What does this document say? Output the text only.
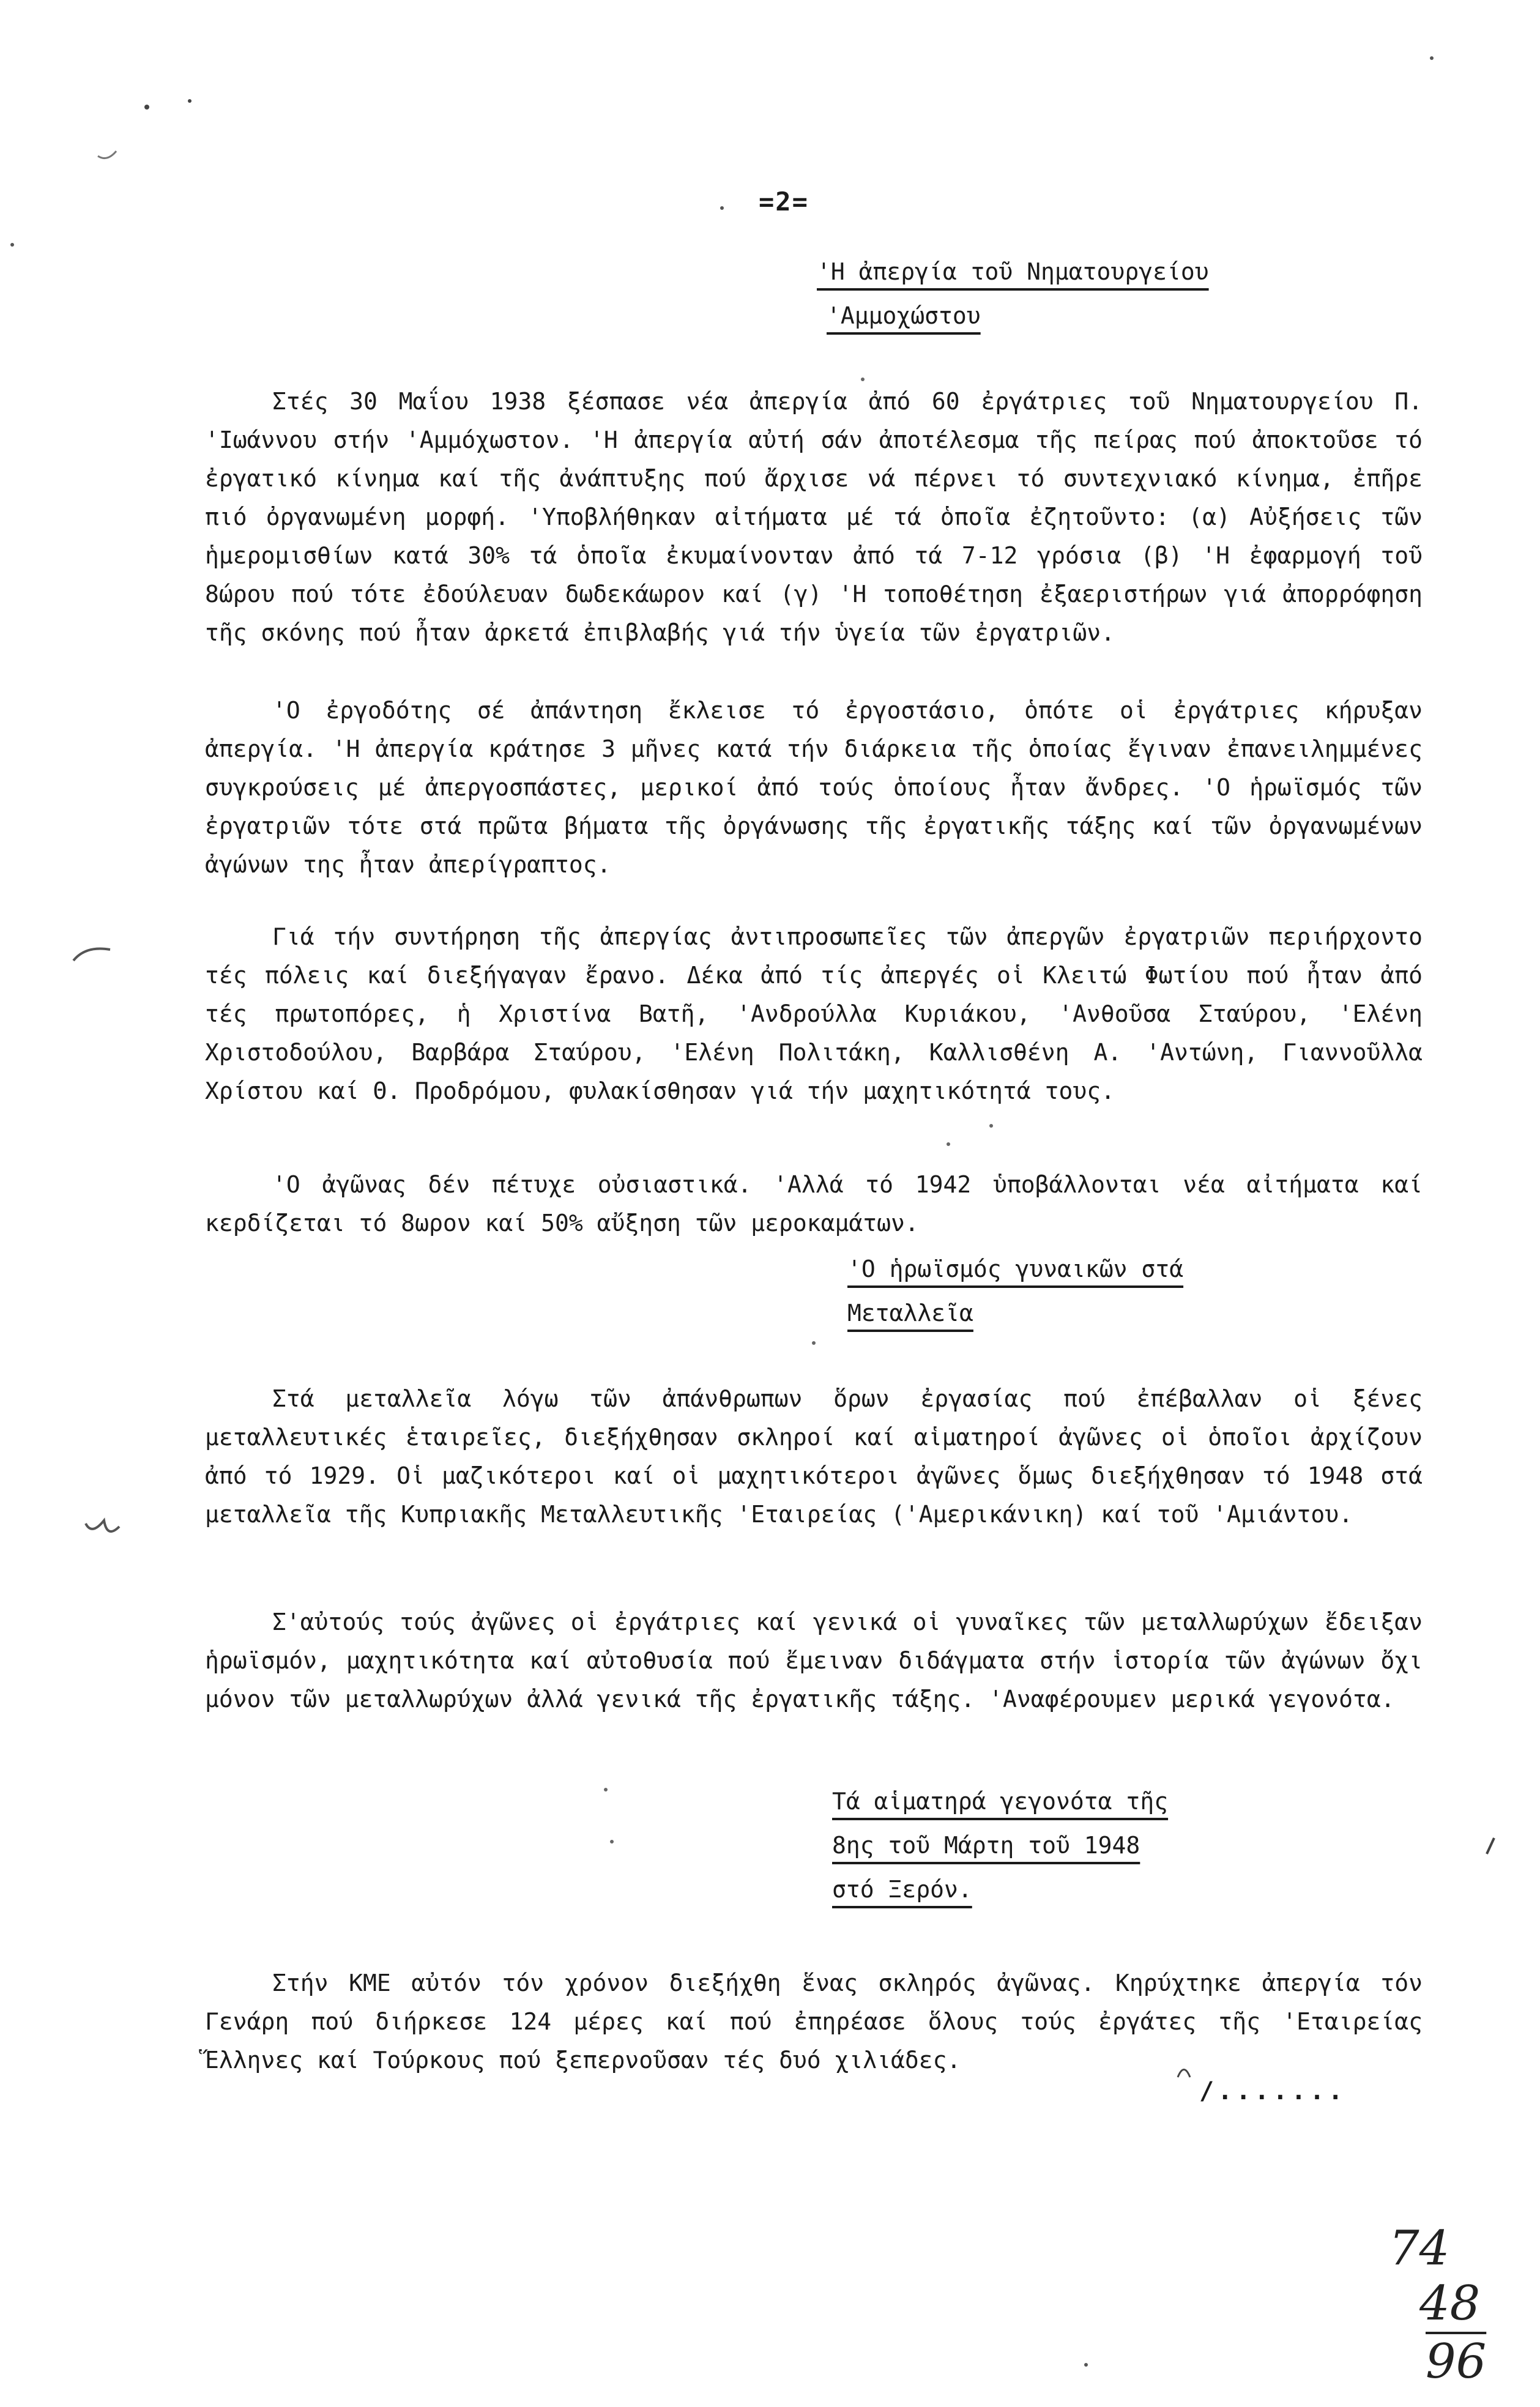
=2=
'Η ἀπεργία τοῦ Νηματουργείου
'Αμμοχώστου
Στές 30 Μαΐου 1938 ξέσπασε νέα ἀπεργία ἀπό 60 ἐργάτριες τοῦ Νηματουργείου Π. 'Ιωάννου στήν 'Αμμόχωστον. 'Η ἀπεργία αὐτή σάν ἀποτέλεσμα τῆς πείρας πού ἀποκτοῦσε τό ἐργατικό κίνημα καί τῆς ἀνάπτυξης πού ἄρχισε νά πέρνει τό συντεχνιακό κίνημα, ἐπῆρε πιό ὀργανωμένη μορφή. 'Υποβλήθηκαν αἰτήματα μέ τά ὁποῖα ἐζητοῦντο: (α) Αὐξήσεις τῶν ἡμερομισθίων κατά 30% τά ὁποῖα ἐκυμαίνονταν ἀπό τά 7-12 γρόσια (β) 'Η ἐφαρμογή τοῦ 8ώρου πού τότε ἐδούλευαν δωδεκάωρον καί (γ) 'Η τοποθέτηση ἐξαεριστήρων γιά ἀπορρόφηση τῆς σκόνης πού ἦταν ἀρκετά ἐπιβλαβής γιά τήν ὑγεία τῶν ἐργατριῶν.
'Ο ἐργοδότης σέ ἀπάντηση ἔκλεισε τό ἐργοστάσιο, ὁπότε οἱ ἐργάτριες κήρυξαν ἀπεργία. 'Η ἀπεργία κράτησε 3 μῆνες κατά τήν διάρκεια τῆς ὁποίας ἔγιναν ἐπανειλημμένες συγκρούσεις μέ ἀπεργοσπάστες, μερικοί ἀπό τούς ὁποίους ἦταν ἄνδρες. 'Ο ἡρωϊσμός τῶν ἐργατριῶν τότε στά πρῶτα βήματα τῆς ὀργάνωσης τῆς ἐργατικῆς τάξης καί τῶν ὀργανωμένων ἀγώνων της ἦταν ἀπερίγραπτος.
Γιά τήν συντήρηση τῆς ἀπεργίας ἀντιπροσωπεῖες τῶν ἀπεργῶν ἐργατριῶν περιήρχοντο τές πόλεις καί διεξήγαγαν ἔρανο. Δέκα ἀπό τίς ἀπεργές οἱ Κλειτώ Φωτίου πού ἦταν ἀπό τές πρωτοπόρες, ἡ Χριστίνα Βατῆ, 'Ανδρούλλα Κυριάκου, 'Ανθοῦσα Σταύρου, 'Ελένη Χριστοδούλου, Βαρβάρα Σταύρου, 'Ελένη Πολιτάκη, Καλλισθένη Α. 'Αντώνη, Γιαννοῦλλα Χρίστου καί Θ. Προδρόμου, φυλακίσθησαν γιά τήν μαχητικότητά τους.
'Ο ἀγῶνας δέν πέτυχε οὐσιαστικά. 'Αλλά τό 1942 ὑποβάλλονται νέα αἰτήματα καί κερδίζεται τό 8ωρον καί 50% αὔξηση τῶν μεροκαμάτων.
'Ο ἡρωϊσμός γυναικῶν στά
Μεταλλεῖα
Στά μεταλλεῖα λόγω τῶν ἀπάνθρωπων ὅρων ἐργασίας πού ἐπέβαλλαν οἱ ξένες μεταλλευτικές ἑταιρεῖες, διεξήχθησαν σκληροί καί αἱματηροί ἀγῶνες οἱ ὁποῖοι ἀρχίζουν ἀπό τό 1929. Οἱ μαζικότεροι καί οἱ μαχητικότεροι ἀγῶνες ὅμως διεξήχθησαν τό 1948 στά μεταλλεῖα τῆς Κυπριακῆς Μεταλλευτικῆς 'Εταιρείας ('Αμερικάνικη) καί τοῦ 'Αμιάντου.
Σ'αὐτούς τούς ἀγῶνες οἱ ἐργάτριες καί γενικά οἱ γυναῖκες τῶν μεταλλωρύχων ἔδειξαν ἡρωϊσμόν, μαχητικότητα καί αὐτοθυσία πού ἔμειναν διδάγματα στήν ἱστορία τῶν ἀγώνων ὄχι μόνον τῶν μεταλλωρύχων ἀλλά γενικά τῆς ἐργατικῆς τάξης. 'Αναφέρουμεν μερικά γεγονότα.
Τά αἱματηρά γεγονότα τῆς
8ης τοῦ Μάρτη τοῦ 1948
στό Ξερόν.
Στήν ΚΜΕ αὐτόν τόν χρόνον διεξήχθη ἕνας σκληρός ἀγῶνας. Κηρύχτηκε ἀπεργία τόν Γενάρη πού διήρκεσε 124 μέρες καί πού ἐπηρέασε ὅλους τούς ἐργάτες τῆς 'Εταιρείας Ἕλληνες καί Τούρκους πού ξεπερνοῦσαν τές δυό χιλιάδες.
/.......
74
48
96
